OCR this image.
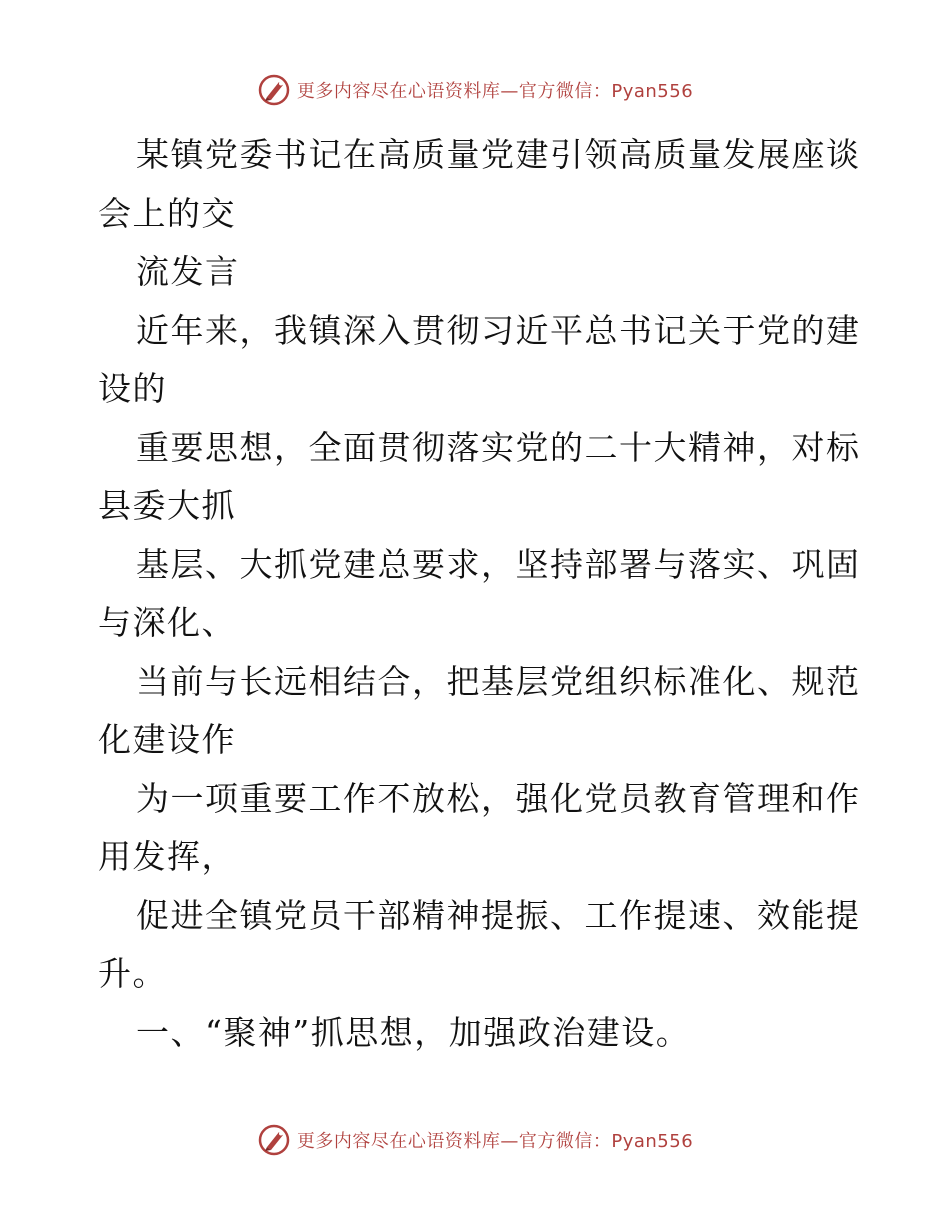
更多内容尽在心语资料库—官方微信：Pyan556
某镇党委书记在高质量党建引领高质量发展座谈
会上的交
流发言
近年来，我镇深入贯彻习近平总书记关于党的建
设的
重要思想，全面贯彻落实党的二十大精神，对标
县委大抓
基层、大抓党建总要求，坚持部署与落实、巩固
与深化、
当前与长远相结合，把基层党组织标准化、规范
化建设作
为一项重要工作不放松，强化党员教育管理和作
用发挥，
促进全镇党员干部精神提振、工作提速、效能提
升。
一、“聚神”抓思想，加强政治建设。
更多内容尽在心语资料库—官方微信：Pyan556
